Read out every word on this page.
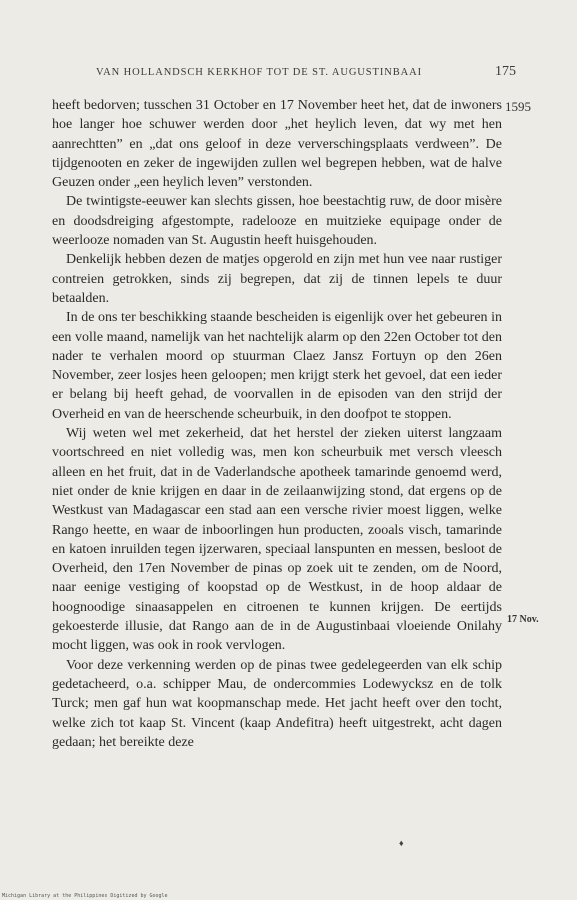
VAN HOLLANDSCH KERKHOF TOT DE ST. AUGUSTINBAAI	175
1595
17 Nov.

heeft bedorven; tusschen 31 October en 17 November heet het, dat de inwoners hoe langer hoe schuwer werden door „het heylich leven, dat wy met hen aanrechtten” en „dat ons geloof in deze ververschingsplaats verdween”. De tijdgenooten en zeker de ingewijden zullen wel begrepen hebben, wat de halve Geuzen onder „een heylich leven” verstonden.

De twintigste-eeuwer kan slechts gissen, hoe beestachtig ruw, de door misère en doodsdreiging afgestompte, radelooze en muitzieke equipage onder de weerlooze nomaden van St. Augustin heeft huisgehouden.

Denkelijk hebben dezen de matjes opgerold en zijn met hun vee naar rustiger contreien getrokken, sinds zij begrepen, dat zij de tinnen lepels te duur betaalden.

In de ons ter beschikking staande bescheiden is eigenlijk over het gebeuren in een volle maand, namelijk van het nachtelijk alarm op den 22en October tot den nader te verhalen moord op stuurman Claez Jansz Fortuyn op den 26en November, zeer losjes heen geloopen; men krijgt sterk het gevoel, dat een ieder er belang bij heeft gehad, de voorvallen in de episoden van den strijd der Overheid en van de heerschende scheurbuik, in den doofpot te stoppen.

Wij weten wel met zekerheid, dat het herstel der zieken uiterst langzaam voortschreed en niet volledig was, men kon scheurbuik met versch vleesch alleen en het fruit, dat in de Vaderlandsche apotheek tamarinde genoemd werd, niet onder de knie krijgen en daar in de zeilaanwijzing stond, dat ergens op de Westkust van Madagascar een stad aan een versche rivier moest liggen, welke Rango heette, en waar de inboorlingen hun producten, zooals visch, tamarinde en katoen inruilden tegen ijzerwaren, speciaal lanspunten en messen, besloot de Overheid, den 17en November de pinas op zoek uit te zenden, om de Noord, naar eenige vestiging of koopstad op de Westkust, in de hoop aldaar de hoognoodige sinaasappelen en citroenen te kunnen krijgen. De eertijds gekoesterde illusie, dat Rango aan de in de Augustinbaai vloeiende Onilahy mocht liggen, was ook in rook vervlogen.

Voor deze verkenning werden op de pinas twee gedelegeerden van elk schip gedetacheerd, o.a. schipper Mau, de ondercommies Lodewycksz en de tolk Turck; men gaf hun wat koopmanschap mede. Het jacht heeft over den tocht, welke zich tot kaap St. Vincent (kaap Andefitra) heeft uitgestrekt, acht dagen gedaan; het bereikte deze

♦
Michigan Library at the Philippines Digitized by Google
